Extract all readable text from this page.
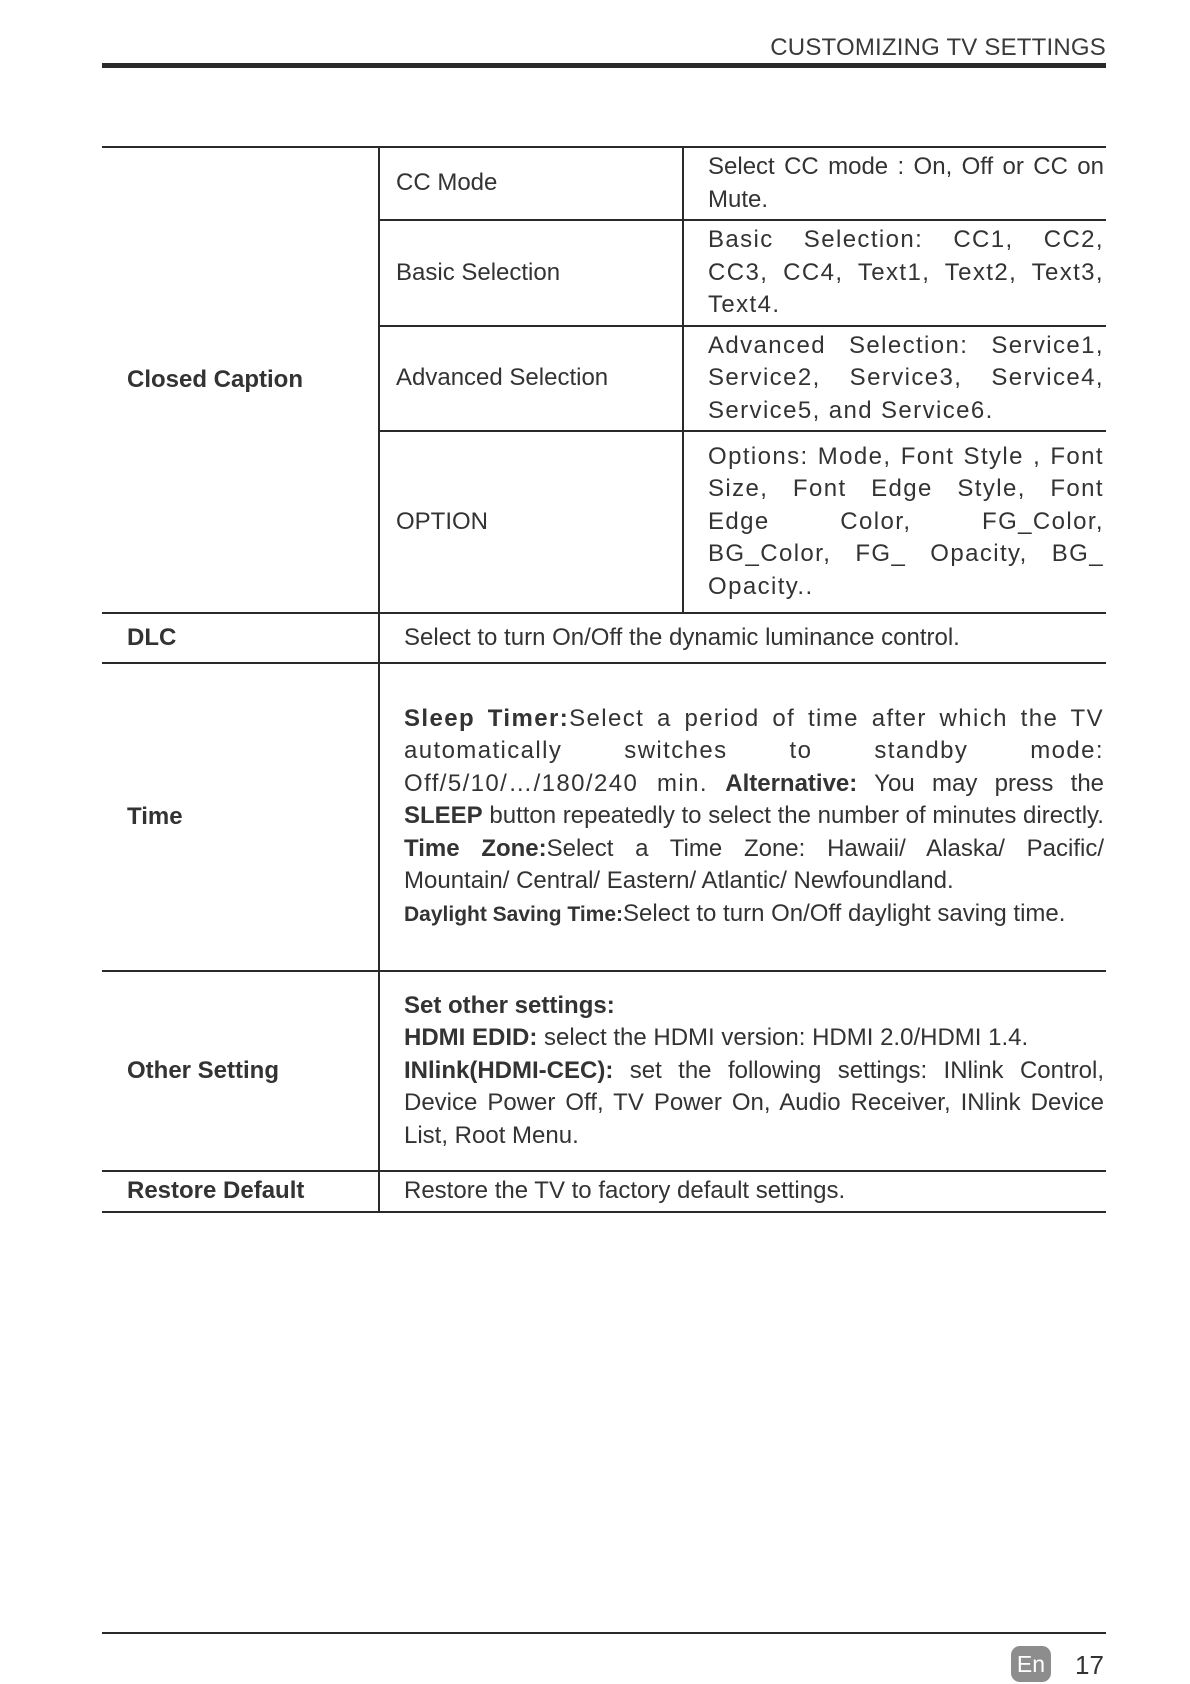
CUSTOMIZING TV SETTINGS
Closed Caption	CC Mode	Select CC mode : On, Off or CC on Mute.
	Basic Selection	Basic Selection: CC1, CC2, CC3, CC4, Text1, Text2, Text3, Text4.
	Advanced Selection	Advanced Selection: Service1, Service2, Service3, Service4, Service5, and Service6.
	OPTION	Options: Mode, Font Style , Font Size, Font Edge Style, Font Edge Color, FG_Color, BG_Color, FG_ Opacity, BG_ Opacity..
DLC	Select to turn On/Off the dynamic luminance control.	
Time	Sleep Timer:Select a period of time after which the TV automatically switches to standby mode: Off/5/10/…/180/240 min. Alternative: You may press the SLEEP button repeatedly to select the number of minutes directly.
Time Zone:Select a Time Zone: Hawaii/ Alaska/ Pacific/ Mountain/ Central/ Eastern/ Atlantic/ Newfoundland.
Daylight Saving Time:Select to turn On/Off daylight saving time.	

Other Setting	Set other settings:
HDMI EDID: select the HDMI version: HDMI 2.0/HDMI 1.4.
INlink(HDMI-CEC): set the following settings: INlink Control, Device Power Off, TV Power On, Audio Receiver, INlink Device List, Root Menu.	

Restore Default	Restore the TV to factory default settings.	
En 17
